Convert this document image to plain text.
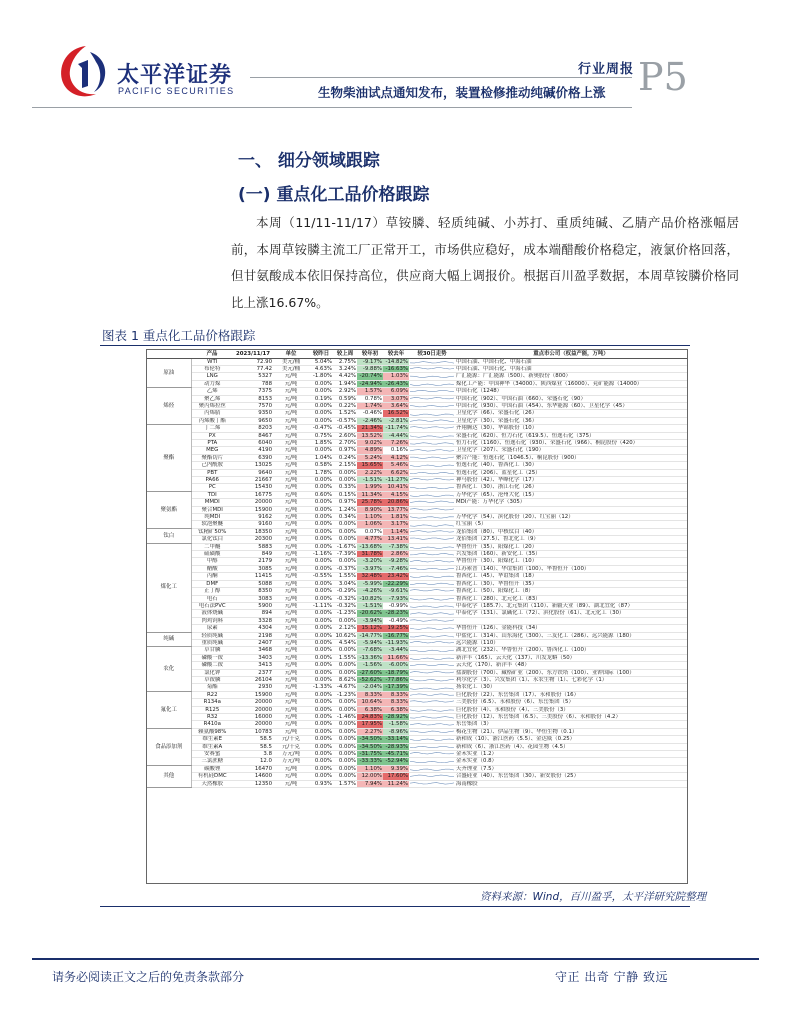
太平洋证券
PACIFIC SECURITIES
行业周报 P5
生物柴油试点通知发布，装置检修推动纯碱价格上涨
一、 细分领域跟踪
(一) 重点化工品价格跟踪

本周（11/11-11/17）草铵膦、轻质纯碱、小苏打、重质纯碱、乙腈产品价格涨幅居前，本周草铵膦主流工厂正常开工，市场供应稳好，成本端醋酸价格稳定，液氯价格回落，但甘氨酸成本依旧保持高位，供应商大幅上调报价。根据百川盈孚数据，本周草铵膦价格同比上涨16.67%。

图表 1 重点化工品价格跟踪
	产品	2023/11/17	单位	较昨日	较上周	较年初	较去年	较30日走势	重点市公司（权益产能，万吨）
原油	WTI	72.90	美元/桶	5.04%	2.75%	-9.17%	-14.82%		中国石油、中国石化、中海石油
	布伦特	77.42	美元/桶	4.63%	3.24%	-9.88%	-16.63%		中国石油、中国石化、中海石油
	LNG	5327	元/吨	-1.80%	4.42%	-20.74%	1.03%		广汇能源：广汇能源（500）、新奥股份（800）
	动力煤	788	元/吨	0.00%	1.94%	-24.94%	-26.43%		煤化工产能：中国神华（34000）、陕西煤业（16000）、兖矿能源（14000）
烯烃	乙烯	7375	元/吨	0.00%	2.92%	1.57%	6.09%		中国石化（1248）
	聚乙烯	8153	元/吨	0.19%	0.59%	0.78%	3.07%		中国石化（902）、中国石油（660）、荣盛石化（90）
	聚丙烯拉丝	7570	元/吨	0.00%	0.22%	1.74%	3.64%		中国石化（930）、中国石油（454）、东华能源（60）、卫星化学（45）
	丙烯腈	9350	元/吨	0.00%	1.52%	-0.46%	16.52%		卫星化学（66）、荣盛石化（26）
	丙烯酸丁酯	9650	元/吨	0.00%	-0.57%	-2.46%	-2.81%		卫星化学（30）、荣盛石化（36）
聚酯	丁二烯	8203	元/吨	-0.47%	-0.45%	21.34%	-11.74%		齐翔腾达（30）、华锦股份（10）
	PX	8467	元/吨	0.75%	2.60%	13.52%	-4.44%		荣盛石化（620）、恒力石化（619.5）、恒逸石化（375）
	PTA	6040	元/吨	1.85%	2.70%	9.02%	7.26%		恒力石化（1160）、恒逸石化（930）、荣盛石化（966）、桐昆股份（420）
	MEG	4190	元/吨	0.00%	0.97%	4.89%	0.16%		卫星化学（207）、荣盛石化（190）
	聚酯切片	6390	元/吨	1.04%	0.24%	5.24%	4.12%		聚合产能：恒逸石化（1046.5）、桐昆股份（900）
	己内酰胺	13025	元/吨	0.58%	2.15%	15.65%	5.46%		恒逸石化（40）、鲁西化工（30）
	PBT	9640	元/吨	1.78%	0.00%	2.22%	6.62%		恒逸石化（206）、蓝星化工（25）
	PA66	21667	元/吨	0.00%	0.00%	-1.51%	-11.27%		神马股份（42）、华峰化学（17）
	PC	15430	元/吨	0.00%	0.33%	1.99%	10.41%		鲁西化工（30）、浙江石化（26）
聚氨酯	TDI	16775	元/吨	0.60%	0.15%	11.34%	4.15%		万华化学（65）、沧州大化（15）
	MMDI	20000	元/吨	0.00%	0.97%	25.78%	20.86%		MDI产能：万华化学（305）
	聚合MDI	15900	元/吨	0.00%	1.24%	8.90%	13.77%	

	纯MDI	9162	元/吨	0.00%	0.34%	1.10%	1.81%		万华化学（54）、滨化股份（20）、红宝丽（12）
	软泡聚醚	9160	元/吨	0.00%	0.00%	1.06%	3.17%		红宝丽（5）
钛白	钛精矿50%	18350	元/吨	0.00%	0.00%	0.07%	1.14%		龙佰集团（80）、中核钛白（40）
	氯化钛白	20300	元/吨	0.00%	0.00%	4.77%	13.41%		龙佰集团（27.5）、鲁北化工（9）
煤化工	二甲醚	5883	元/吨	0.00%	-1.67%	-13.68%	-7.38%		华鲁恒升（35）、阳煤化工（20）
	硫磺酸	849	元/吨	-1.16%	-7.39%	31.78%	2.86%		兴发集团（160）、新安化工（35）
	甲醇	2179	元/吨	0.00%	0.00%	-3.20%	-9.28%		华鲁恒升（30）、阳煤化工（10）
	醋酸	3085	元/吨	0.00%	-0.37%	-3.97%	-7.46%		江苏索普（140）、华谊集团（100）、华鲁恒升（100）
	丙酮	11415	元/吨	-0.55%	1.55%	32.48%	23.42%		鲁西化工（45）、华谊集团（18）
	DMF	5088	元/吨	0.00%	3.04%	-5.99%	-22.29%		鲁西化工（30）、华鲁恒升（35）
	正丁醇	8350	元/吨	0.00%	-0.29%	-4.26%	-9.61%		鲁西化工（50）、阳煤化工（8）
	电石	3083	元/吨	0.00%	-0.32%	-10.82%	-7.93%		鲁西化工（280）、北元化工（83）
	电石法PVC	5900	元/吨	-1.11%	-0.32%	-1.51%	-0.99%		中泰化学（185.7）、北元集团（110）、新疆天业（89）、湖北宜化（87）
	液体烧碱	894	元/吨	0.00%	-1.23%	-20.62%	-28.23%		中泰化学（131）、氯碱化工（72）、滨化股份（61）、北元化工（30）
	肉鸡饲料	3328	元/吨	0.00%	0.00%	-3.94%	-0.49%	

	尿素	4304	元/吨	0.00%	2.12%	15.12%	19.25%		华鲁恒升（126）、金能科技（34）
纯碱	轻质纯碱	2198	元/吨	0.00%	10.62%	-14.77%	-16.77%		中盐化工（314）、山东海化（300）、三友化工（286）、远兴能源（180）
	重质纯碱	2407	元/吨	0.00%	4.54%	-5.94%	-11.93%		远兴能源（110）
农化	草甘膦	3468	元/吨	0.00%	0.00%	-7.68%	-3.44%		湖北宜化（232）、华鲁恒升（200）、鲁西化工（100）
	磷酸一铵	3403	元/吨	0.00%	1.55%	-13.36%	11.66%		新洋丰（165）、云天化（137）、川发龙蟒（50）
	磷酸二铵	3413	元/吨	0.00%	0.00%	-1.56%	-6.00%		云天化（170）、新洋丰（48）
	氯化钾	2377	元/吨	0.00%	0.00%	-27.60%	-18.79%		盐湖股份（700）、藏格矿业（200）、东方铁塔（100）、亚钾国际（100）
	草铵膦	26104	元/吨	0.00%	8.62%	-52.62%	-77.86%		利尔化学（3）、兴发集团（1）、永农生物（1）、七彩化学（1）
	菊酯	2930	元/吨	-1.33%	-4.67%	-2.04%	-17.39%		扬农化工（30）
氟化工	R22	15900	元/吨	0.00%	-1.23%	8.33%	8.33%		巨化股份（22）、东岳集团（17）、永和股份（16）
	R134a	20000	元/吨	0.00%	0.00%	10.64%	8.33%		三美股份（6.5）、永和股份（6）、东岳集团（5）
	R125	20000	元/吨	0.00%	0.00%	6.38%	6.38%		巨化股份（4）、永和股份（4）、三美股份（3）
	R32	16000	元/吨	0.00%	-1.46%	24.83%	-28.92%		巨化股份（12）、东岳集团（6.5）、三美股份（6）、永和股份（4.2）
	R410a	20000	元/吨	0.00%	0.00%	17.95%	-1.58%		东岳集团（3）
食品添加剂	赖氨酸98%	10783	元/吨	0.00%	0.00%	2.27%	-8.96%		梅花生物（21）、伊品生物（9）、华恒生物（0.1）
	维生素E	58.5	元/千克	0.00%	0.00%	-34.50%	-33.14%		新和成（10）、浙江医药（5.5）、金达威（0.25）
	维生素A	58.5	元/千克	0.00%	0.00%	-34.50%	-28.93%		新和成（6）、浙江医药（4）、花园生物（4.5）
	安赛蜜	3.8	万元/吨	0.00%	0.00%	-31.75%	-45.71%		金禾实业（1.2）
	三氯蔗糖	12.0	万元/吨	0.00%	0.00%	-33.33%	-52.94%		金禾实业（0.8）
其他	碳酸锂	16470	元/吨	0.00%	0.00%	1.10%	9.39%		天齐锂业（7.5）
	有机硅DMC	14600	元/吨	0.00%	0.00%	12.00%	17.60%		合盛硅业（40）、东岳集团（30）、新安股份（25）
	天然橡胶	12350	元/吨	0.93%	1.57%	7.94%	11.24%		海南橡胶
资料来源：Wind，百川盈孚，太平洋研究院整理
请务必阅读正文之后的免责条款部分	守正 出奇 宁静 致远
